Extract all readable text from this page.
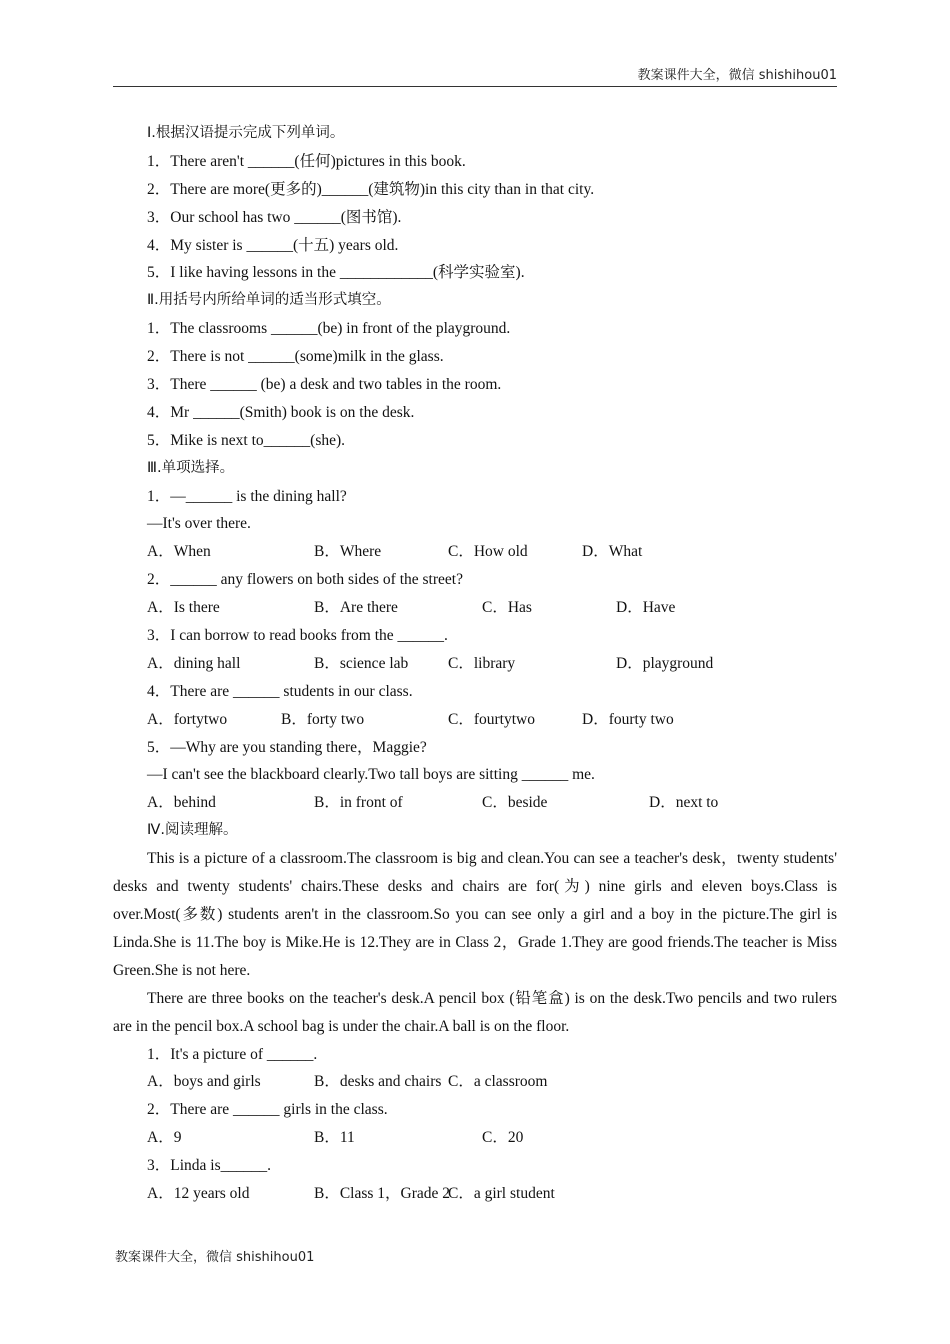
教案课件大全，微信 shishihou01
Ⅰ.根据汉语提示完成下列单词。
1．There aren't ______(任何)pictures in this book.
2．There are more(更多的)______(建筑物)in this city than in that city.
3．Our school has two ______(图书馆).
4．My sister is ______(十五) years old.
5．I like having lessons in the ____________(科学实验室).
Ⅱ.用括号内所给单词的适当形式填空。
1．The classrooms ______(be) in front of the playground.
2．There is not ______(some)milk in the glass.
3．There ______ (be) a desk and two tables in the room.
4．Mr ______(Smith) book is on the desk.
5．Mike is next to______(she).
Ⅲ.单项选择。
1．—______ is the dining hall?
—It's over there.
A．When	B．Where	C．How old	D．What
2．______ any flowers on both sides of the street?
A．Is there	B．Are there	C．Has	D．Have
3．I can borrow to read books from the ______.
A．dining hall	B．science lab	C．library	D．playground
4．There are ______ students in our class.
A．fortytwo	B．forty two	C．fourtytwo	D．fourty two
5．—Why are you standing there，Maggie?
—I can't see the blackboard clearly.Two tall boys are sitting ______ me.
A．behind	B．in front of	C．beside	D．next to
Ⅳ.阅读理解。

This is a picture of a classroom.The classroom is big and clean.You can see a teacher's desk，twenty students' desks and twenty students' chairs.These desks and chairs are for(为) nine girls and eleven boys.Class is over.Most(多数) students aren't in the classroom.So you can see only a girl and a boy in the picture.The girl is Linda.She is 11.The boy is Mike.He is 12.They are in Class 2，Grade 1.They are good friends.The teacher is Miss Green.She is not here.

There are three books on the teacher's desk.A pencil box (铅笔盒) is on the desk.Two pencils and two rulers are in the pencil box.A school bag is under the chair.A ball is on the floor.

1．It's a picture of ______.
A．boys and girls	B．desks and chairs C．a classroom
2．There are ______ girls in the class.
A．9	B．11	C．20
3．Linda is______.
A．12 years old	B．Class 1，Grade 2
C．a girl student
教案课件大全，微信 shishihou01
